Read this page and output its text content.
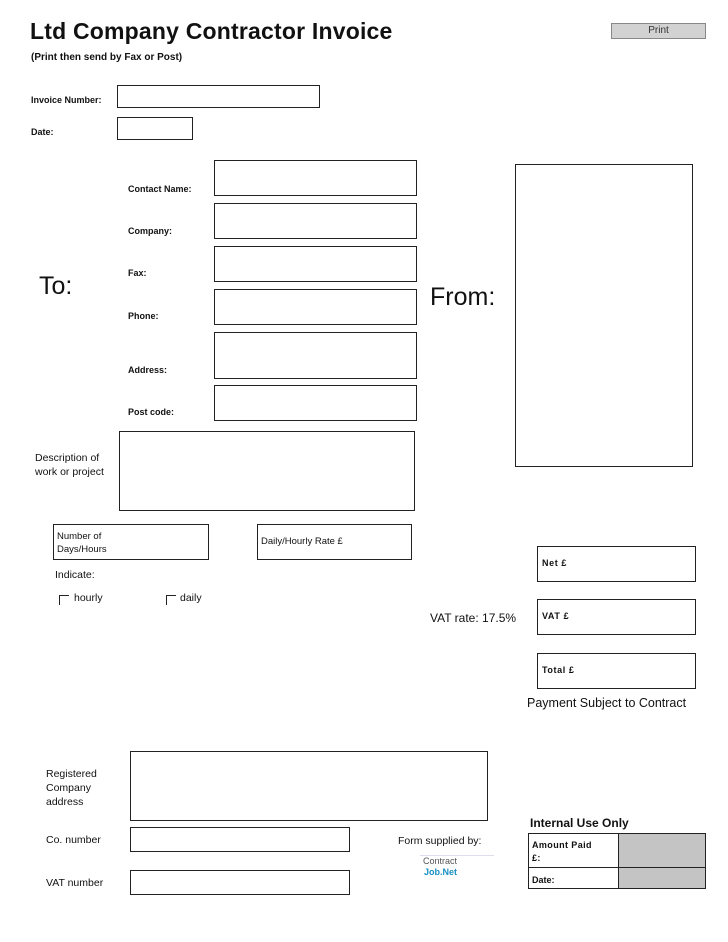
Ltd Company Contractor Invoice
(Print then send by Fax or Post)
Print
Invoice Number:
Date:
To:
Contact Name:
Company:
Fax:
Phone:
Address:
Post code:
From:
Description of work or project
Number of Days/Hours
Daily/Hourly Rate £
Indicate:
hourly	daily
Net £
VAT rate: 17.5%	VAT £
Total £
Payment Subject to Contract
Registered Company address
Co. number
VAT number
Form supplied by:
Contract
Job.Net
Internal Use Only
Amount Paid £:
Date:
